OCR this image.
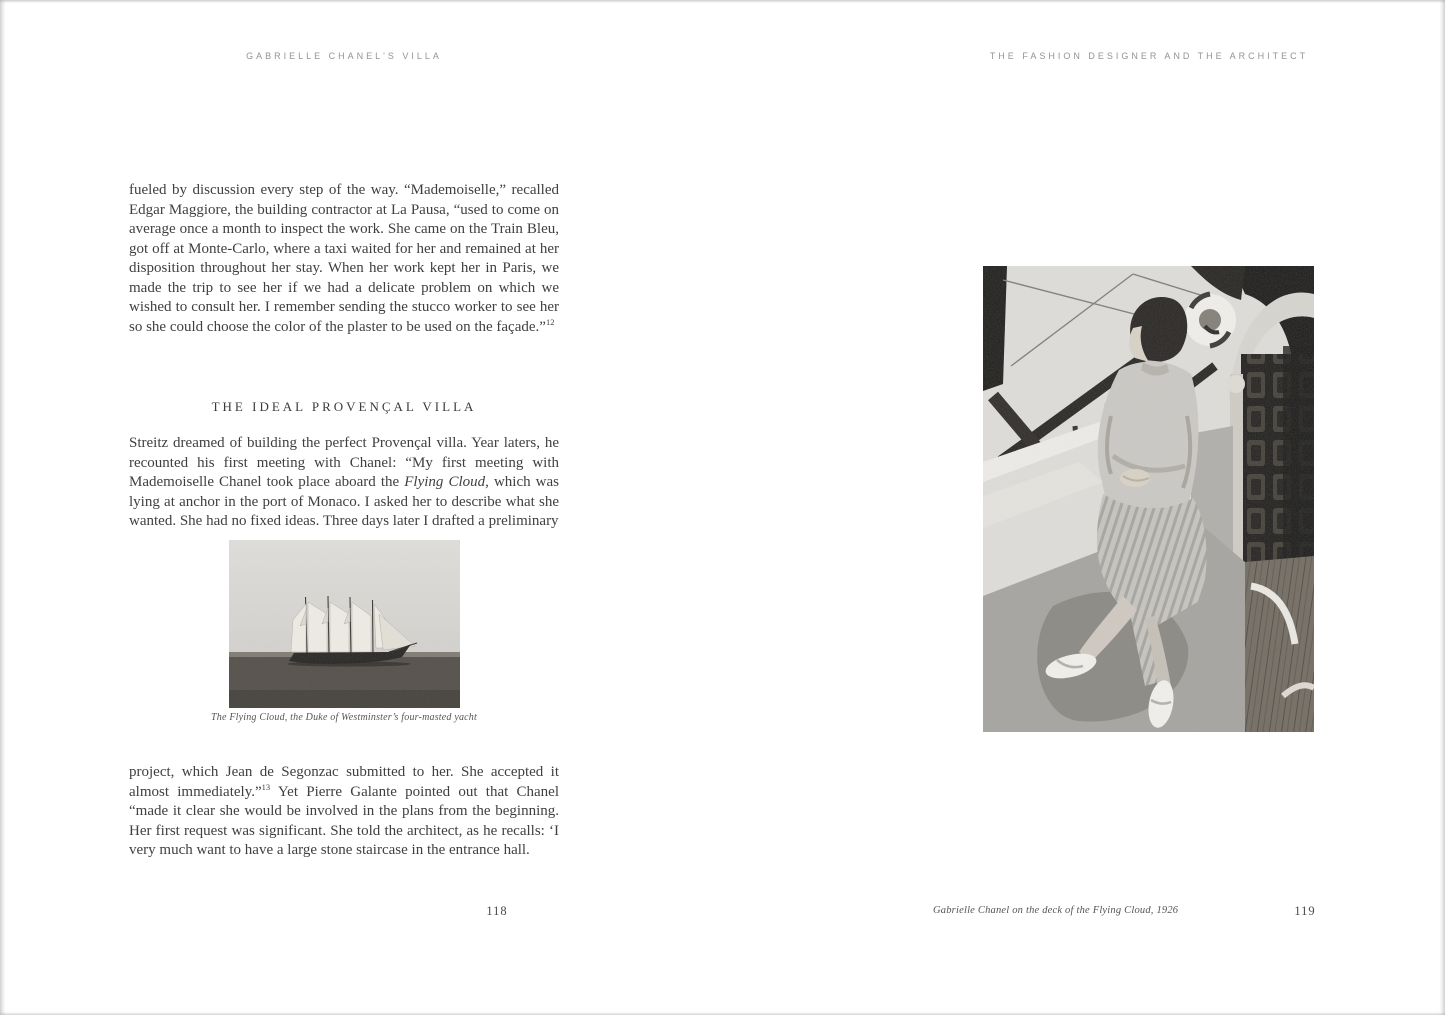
GABRIELLE CHANEL'S VILLA

fueled by discussion every step of the way. “Mademoiselle,” recalled Edgar Maggiore, the building contractor at La Pausa, “used to come on average once a month to inspect the work. She came on the Train Bleu, got off at Monte-Carlo, where a taxi waited for her and remained at her disposition throughout her stay. When her work kept her in Paris, we made the trip to see her if we had a delicate problem on which we wished to consult her. I remember sending the stucco worker to see her so she could choose the color of the plaster to be used on the façade.”$^{12}$

THE IDEAL PROVENÇAL VILLA

Streitz dreamed of building the perfect Provençal villa. Year laters, he recounted his first meeting with Chanel: “My first meeting with Mademoiselle Chanel took place aboard the Flying Cloud, which was lying at anchor in the port of Monaco. I asked her to describe what she wanted. She had no fixed ideas. Three days later I drafted a preliminary

The Flying Cloud, the Duke of Westminster’s four-masted yacht

project, which Jean de Segonzac submitted to her. She accepted it almost immediately.”$^{13}$ Yet Pierre Galante pointed out that Chanel “made it clear she would be involved in the plans from the beginning. Her first request was significant. She told the architect, as he recalls: ‘I very much want to have a large stone staircase in the entrance hall.

118
THE FASHION DESIGNER AND THE ARCHITECT
Gabrielle Chanel on the deck of the Flying Cloud, 1926	119
